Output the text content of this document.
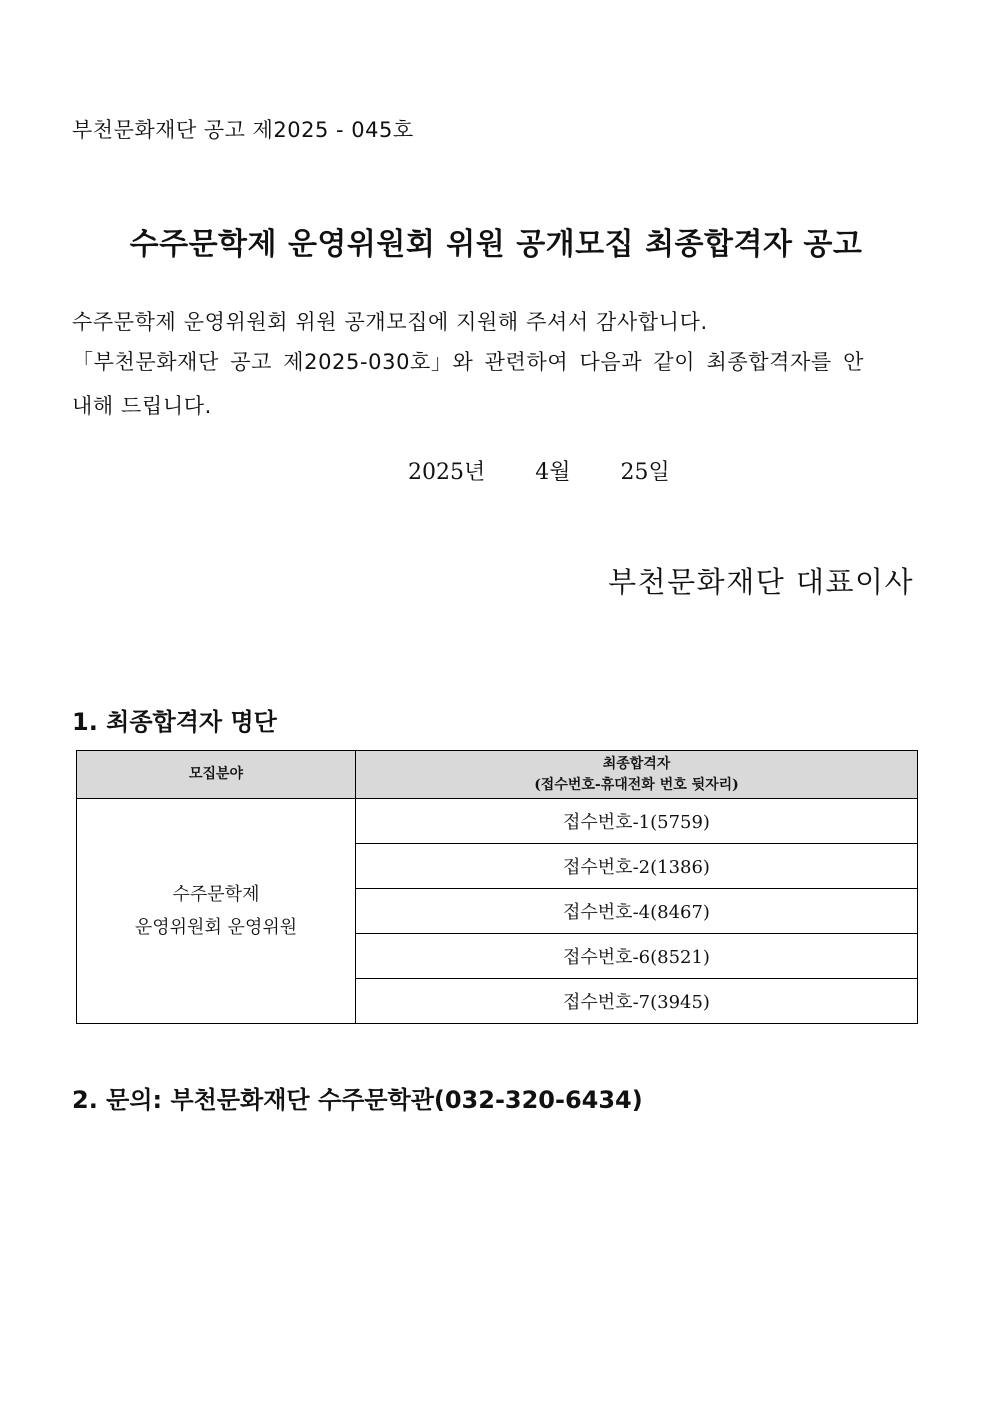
부천문화재단 공고 제2025 - 045호
수주문학제 운영위원회 위원 공개모집 최종합격자 공고
수주문학제 운영위원회 위원 공개모집에 지원해 주셔서 감사합니다.
「부천문화재단 공고 제2025-030호」와 관련하여 다음과 같이 최종합격자를 안
내해 드립니다.
2025년 4월 25일
부천문화재단 대표이사
1. 최종합격자 명단
모집분야	최종합격자
(접수번호-휴대전화 번호 뒷자리)

수주문학제
운영위원회 운영위원	접수번호-1(5759)
	접수번호-2(1386)
	접수번호-4(8467)
	접수번호-6(8521)
	접수번호-7(3945)
2. 문의: 부천문화재단 수주문학관(032-320-6434)
